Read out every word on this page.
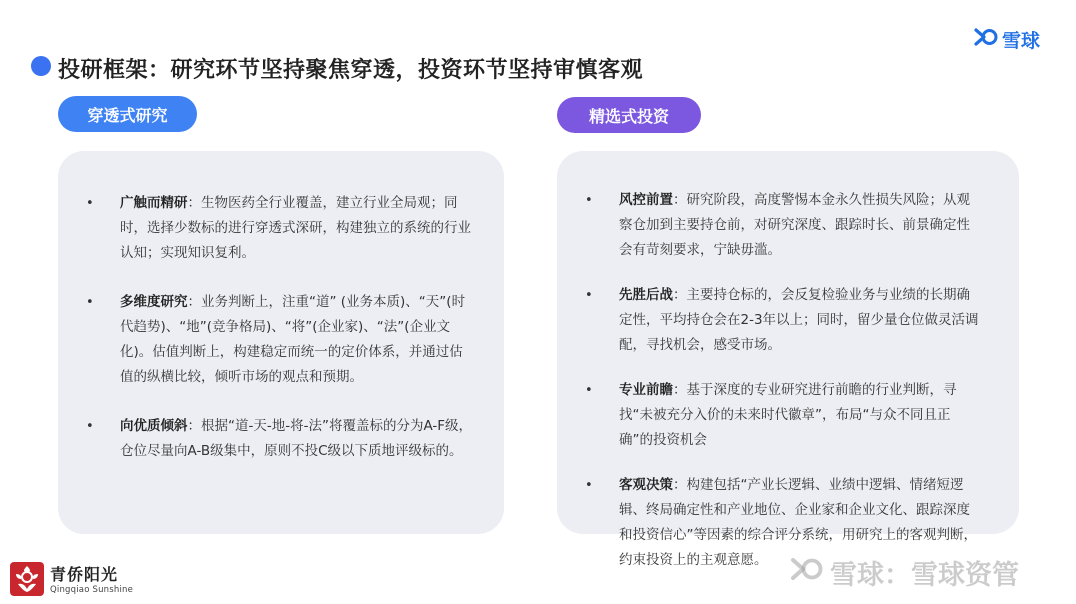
投研框架：研究环节坚持聚焦穿透，投资环节坚持审慎客观
雪球
穿透式研究	精选式投资
• 广触而精研：生物医药全行业覆盖，建立行业全局观；同时，选择少数标的进行穿透式深研，构建独立的系统的行业认知；实现知识复利。
• 多维度研究：业务判断上，注重“道” (业务本质)、“天”(时代趋势)、“地”(竞争格局)、“将”(企业家)、“法”(企业文化)。估值判断上，构建稳定而统一的定价体系，并通过估值的纵横比较，倾听市场的观点和预期。
• 向优质倾斜：根据“道-天-地-将-法”将覆盖标的分为A-F级，仓位尽量向A-B级集中，原则不投C级以下质地评级标的。
• 风控前置：研究阶段，高度警惕本金永久性损失风险；从观察仓加到主要持仓前，对研究深度、跟踪时长、前景确定性会有苛刻要求，宁缺毋滥。
• 先胜后战：主要持仓标的，会反复检验业务与业绩的长期确定性，平均持仓会在2-3年以上；同时，留少量仓位做灵活调配，寻找机会，感受市场。
• 专业前瞻：基于深度的专业研究进行前瞻的行业判断，寻找“未被充分入价的未来时代徽章”，布局“与众不同且正确”的投资机会
• 客观决策：构建包括“产业长逻辑、业绩中逻辑、情绪短逻辑、终局确定性和产业地位、企业家和企业文化、跟踪深度和投资信心”等因素的综合评分系统，用研究上的客观判断，约束投资上的主观意愿。
青侨阳光
Qingqiao Sunshine	雪球：雪球资管
